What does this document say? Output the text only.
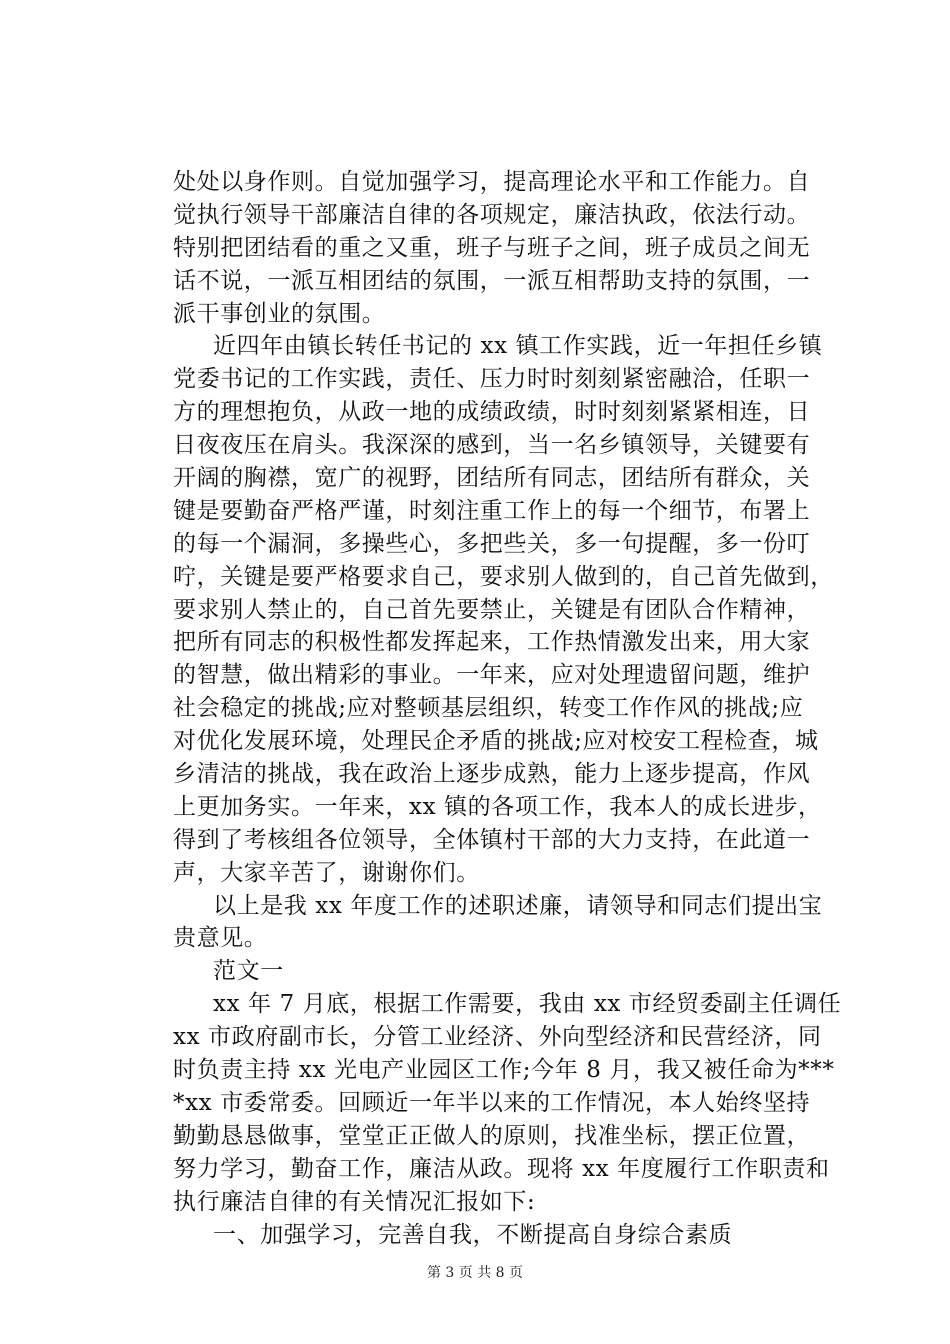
处处以身作则。自觉加强学习，提高理论水平和工作能力。自
觉执行领导干部廉洁自律的各项规定，廉洁执政，依法行动。
特别把团结看的重之又重，班子与班子之间，班子成员之间无
话不说，一派互相团结的氛围，一派互相帮助支持的氛围，一
派干事创业的氛围。
近四年由镇长转任书记的 xx 镇工作实践，近一年担任乡镇
党委书记的工作实践，责任、压力时时刻刻紧密融洽，任职一
方的理想抱负，从政一地的成绩政绩，时时刻刻紧紧相连，日
日夜夜压在肩头。我深深的感到，当一名乡镇领导，关键要有
开阔的胸襟，宽广的视野，团结所有同志，团结所有群众，关
键是要勤奋严格严谨，时刻注重工作上的每一个细节，布署上
的每一个漏洞，多操些心，多把些关，多一句提醒，多一份叮
咛，关键是要严格要求自己，要求别人做到的，自己首先做到，
要求别人禁止的，自己首先要禁止，关键是有团队合作精神，
把所有同志的积极性都发挥起来，工作热情激发出来，用大家
的智慧，做出精彩的事业。一年来，应对处理遗留问题，维护
社会稳定的挑战;应对整顿基层组织，转变工作作风的挑战;应
对优化发展环境，处理民企矛盾的挑战;应对校安工程检查，城
乡清洁的挑战，我在政治上逐步成熟，能力上逐步提高，作风
上更加务实。一年来，xx 镇的各项工作，我本人的成长进步，
得到了考核组各位领导，全体镇村干部的大力支持，在此道一
声，大家辛苦了，谢谢你们。
以上是我 xx 年度工作的述职述廉，请领导和同志们提出宝
贵意见。
范文一
xx 年 7 月底，根据工作需要，我由 xx 市经贸委副主任调任
xx 市政府副市长，分管工业经济、外向型经济和民营经济，同
时负责主持 xx 光电产业园区工作;今年 8 月，我又被任命为***
*xx 市委常委。回顾近一年半以来的工作情况，本人始终坚持
勤勤恳恳做事，堂堂正正做人的原则，找准坐标，摆正位置，
努力学习，勤奋工作，廉洁从政。现将 xx 年度履行工作职责和
执行廉洁自律的有关情况汇报如下:
一、加强学习，完善自我，不断提高自身综合素质
第 3 页 共 8 页
